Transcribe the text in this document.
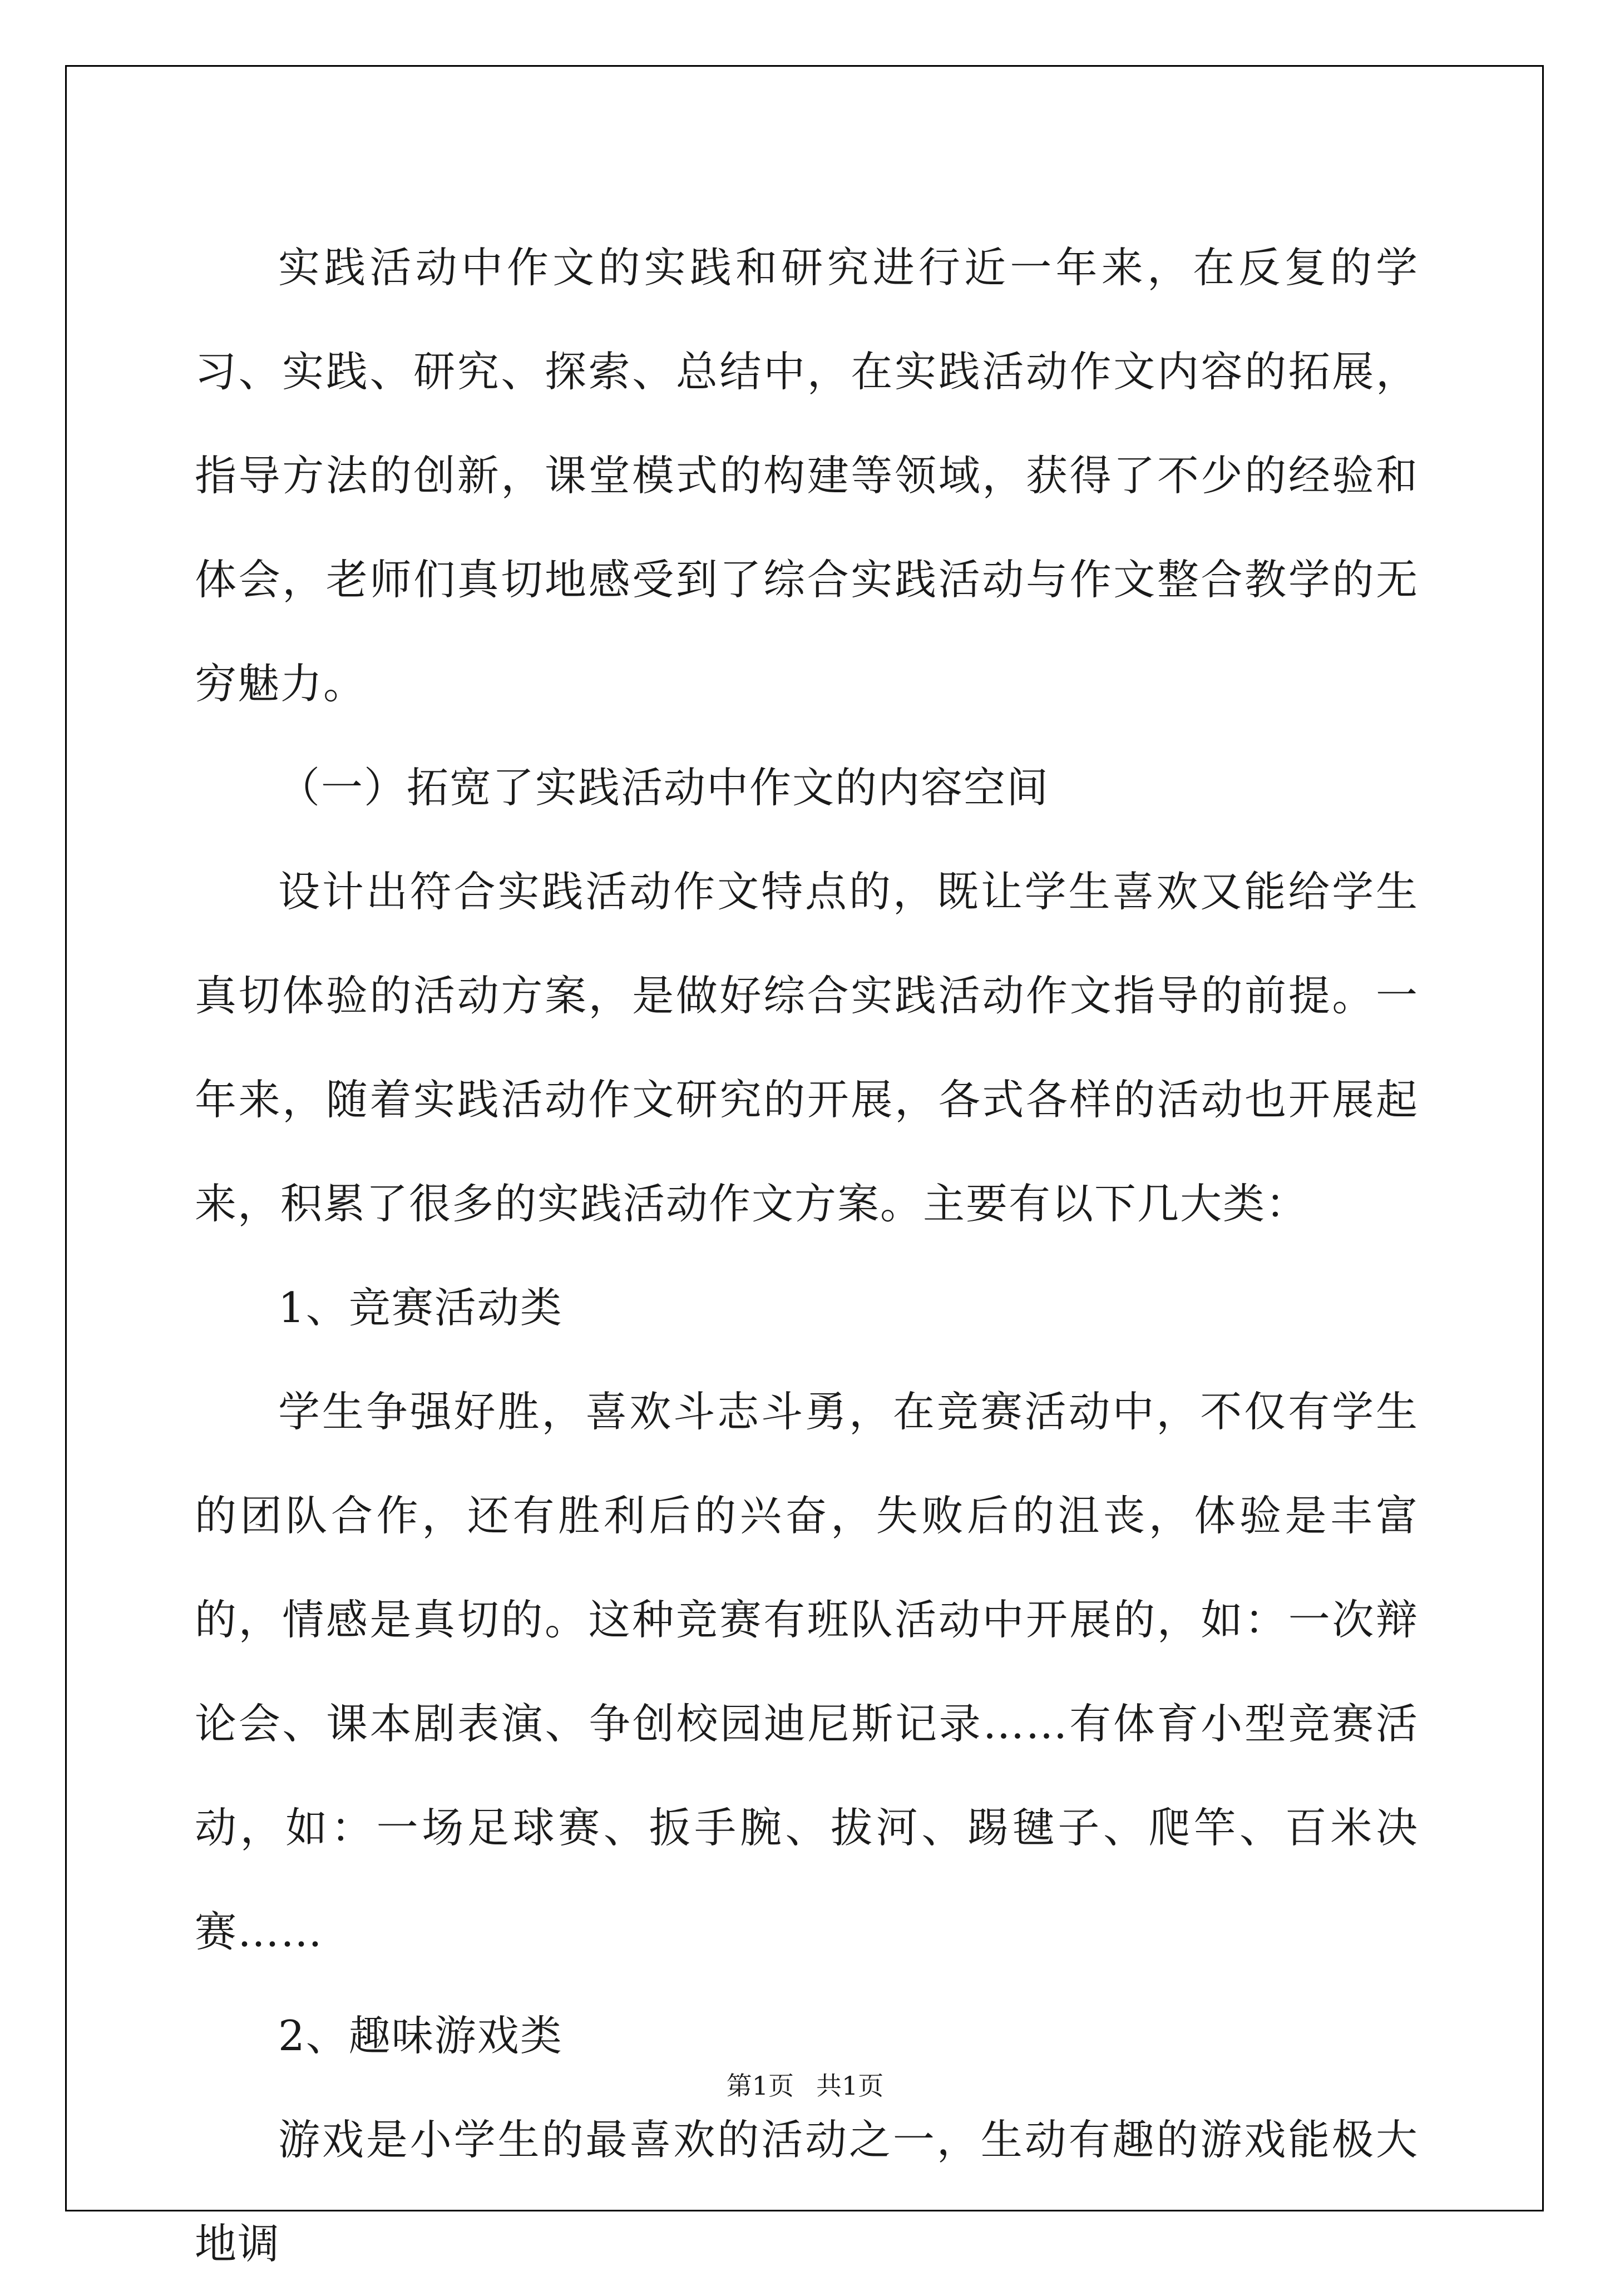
实践活动中作文的实践和研究进行近一年来，在反复的学习、实践、研究、探索、总结中，在实践活动作文内容的拓展，指导方法的创新，课堂模式的构建等领域，获得了不少的经验和体会，老师们真切地感受到了综合实践活动与作文整合教学的无穷魅力。

（一）拓宽了实践活动中作文的内容空间

设计出符合实践活动作文特点的，既让学生喜欢又能给学生真切体验的活动方案，是做好综合实践活动作文指导的前提。一年来，随着实践活动作文研究的开展，各式各样的活动也开展起来，积累了很多的实践活动作文方案。主要有以下几大类：

1、竞赛活动类

学生争强好胜，喜欢斗志斗勇，在竞赛活动中，不仅有学生的团队合作，还有胜利后的兴奋，失败后的沮丧，体验是丰富的，情感是真切的。这种竞赛有班队活动中开展的，如：一次辩论会、课本剧表演、争创校园迪尼斯记录……有体育小型竞赛活动，如：一场足球赛、扳手腕、拔河、踢毽子、爬竿、百米决赛……

2、趣味游戏类

游戏是小学生的最喜欢的活动之一，生动有趣的游戏能极大地调

第1页 共1页
